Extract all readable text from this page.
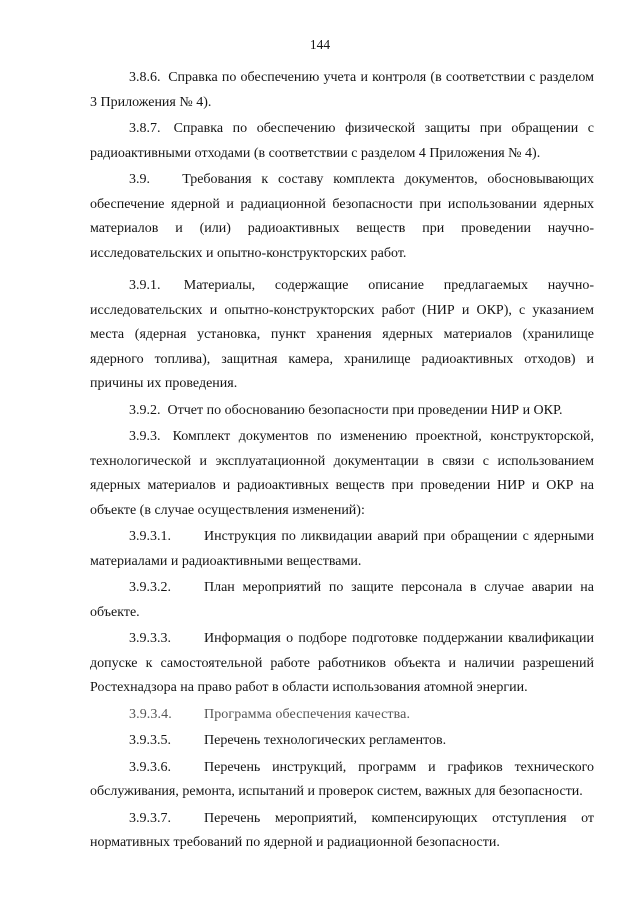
144

3.8.6. Справка по обеспечению учета и контроля (в соответствии с разделом 3 Приложения № 4).

3.8.7. Справка по обеспечению физической защиты при обращении с радиоактивными отходами (в соответствии с разделом 4 Приложения № 4).

3.9. Требования к составу комплекта документов, обосновывающих обеспечение ядерной и радиационной безопасности при использовании ядерных материалов и (или) радиоактивных веществ при проведении научно-исследовательских и опытно-конструкторских работ.

3.9.1. Материалы, содержащие описание предлагаемых научно-исследовательских и опытно-конструкторских работ (НИР и ОКР), с указанием места (ядерная установка, пункт хранения ядерных материалов (хранилище ядерного топлива), защитная камера, хранилище радиоактивных отходов) и причины их проведения.

3.9.2. Отчет по обоснованию безопасности при проведении НИР и ОКР.

3.9.3. Комплект документов по изменению проектной, конструкторской, технологической и эксплуатационной документации в связи с использованием ядерных материалов и радиоактивных веществ при проведении НИР и ОКР на объекте (в случае осуществления изменений):

3.9.3.1. Инструкция по ликвидации аварий при обращении с ядерными материалами и радиоактивными веществами.

3.9.3.2. План мероприятий по защите персонала в случае аварии на объекте.

3.9.3.3. Информация о подборе подготовке поддержании квалификации допуске к самостоятельной работе работников объекта и наличии разрешений Ростехнадзора на право работ в области использования атомной энергии.

3.9.3.4. Программа обеспечения качества.

3.9.3.5. Перечень технологических регламентов.

3.9.3.6. Перечень инструкций, программ и графиков технического обслуживания, ремонта, испытаний и проверок систем, важных для безопасности.

3.9.3.7. Перечень мероприятий, компенсирующих отступления от нормативных требований по ядерной и радиационной безопасности.
